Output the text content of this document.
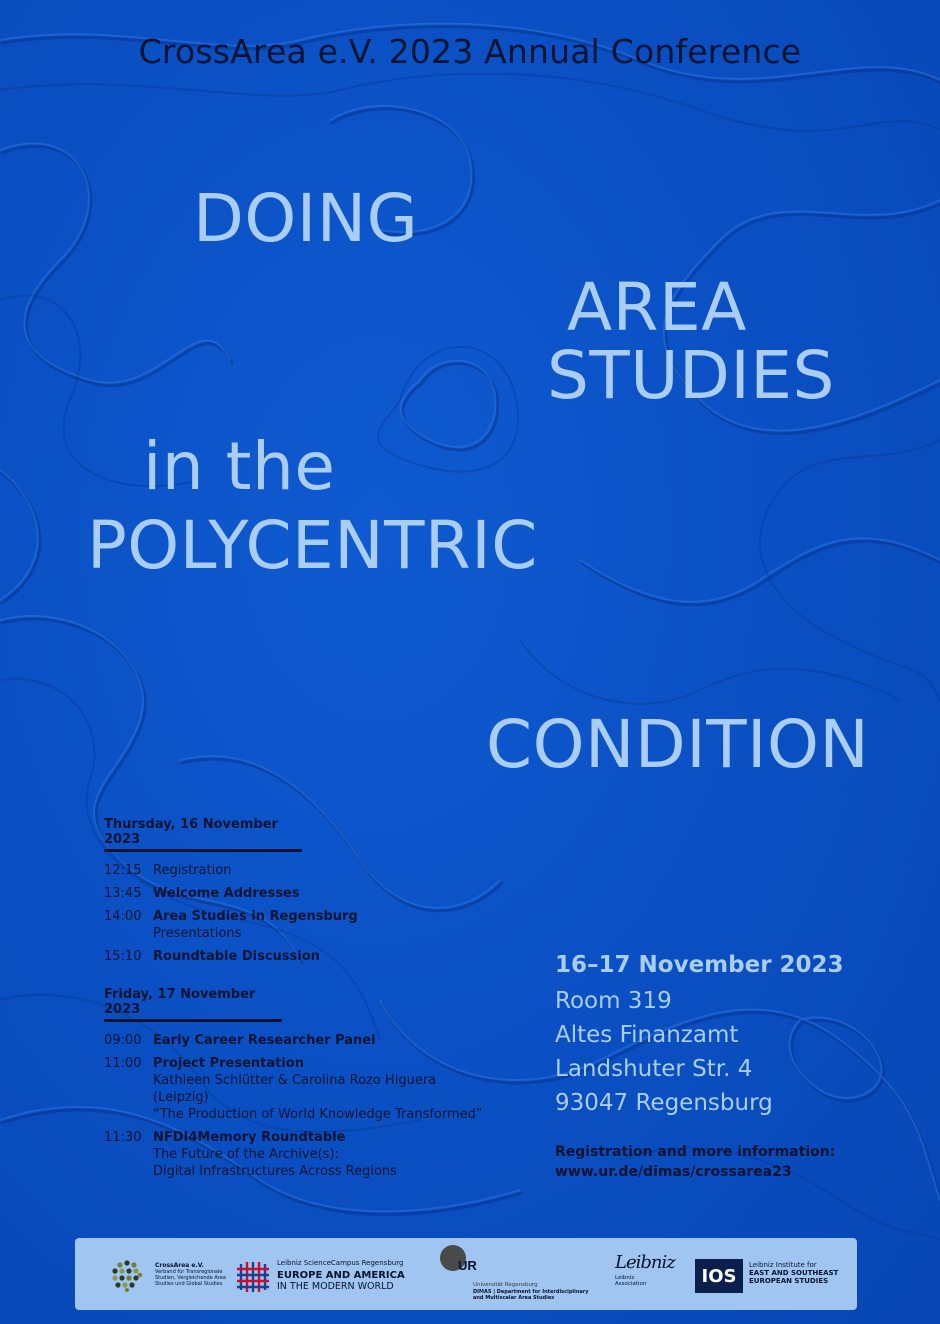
CrossArea e.V. 2023 Annual Conference
DOING
AREA
STUDIES
in the
POLYCENTRIC
CONDITION
Thursday, 16 November 2023
12:15 Registration
13:45 Welcome Addresses
14:00 Area Studies in Regensburg
Presentations
15:10 Roundtable Discussion
Friday, 17 November 2023
09:00 Early Career Researcher Panel
11:00 Project Presentation
Kathleen Schlütter & Carolina Rozo Higuera (Leipzig)
“The Production of World Knowledge Transformed”
11:30 NFDI4Memory Roundtable
The Future of the Archive(s):
Digital Infrastructures Across Regions
16–17 November 2023
Room 319
Altes Finanzamt
Landshuter Str. 4
93047 Regensburg
Registration and more information:
www.ur.de/dimas/crossarea23
CrossArea e.V.
Verband für Transregionale
Studien, Vergleichende Area
Studies und Global Studies
Leibniz ScienceCampus Regensburg
EUROPE AND AMERICA
IN THE MODERN WORLD
UR
Universität Regensburg
DIMAS | Department for Interdisciplinary
and Multiscalar Area Studies
Leibniz
Leibniz
Association	IOS
Leibniz Institute for
EAST AND SOUTHEAST
EUROPEAN STUDIES
